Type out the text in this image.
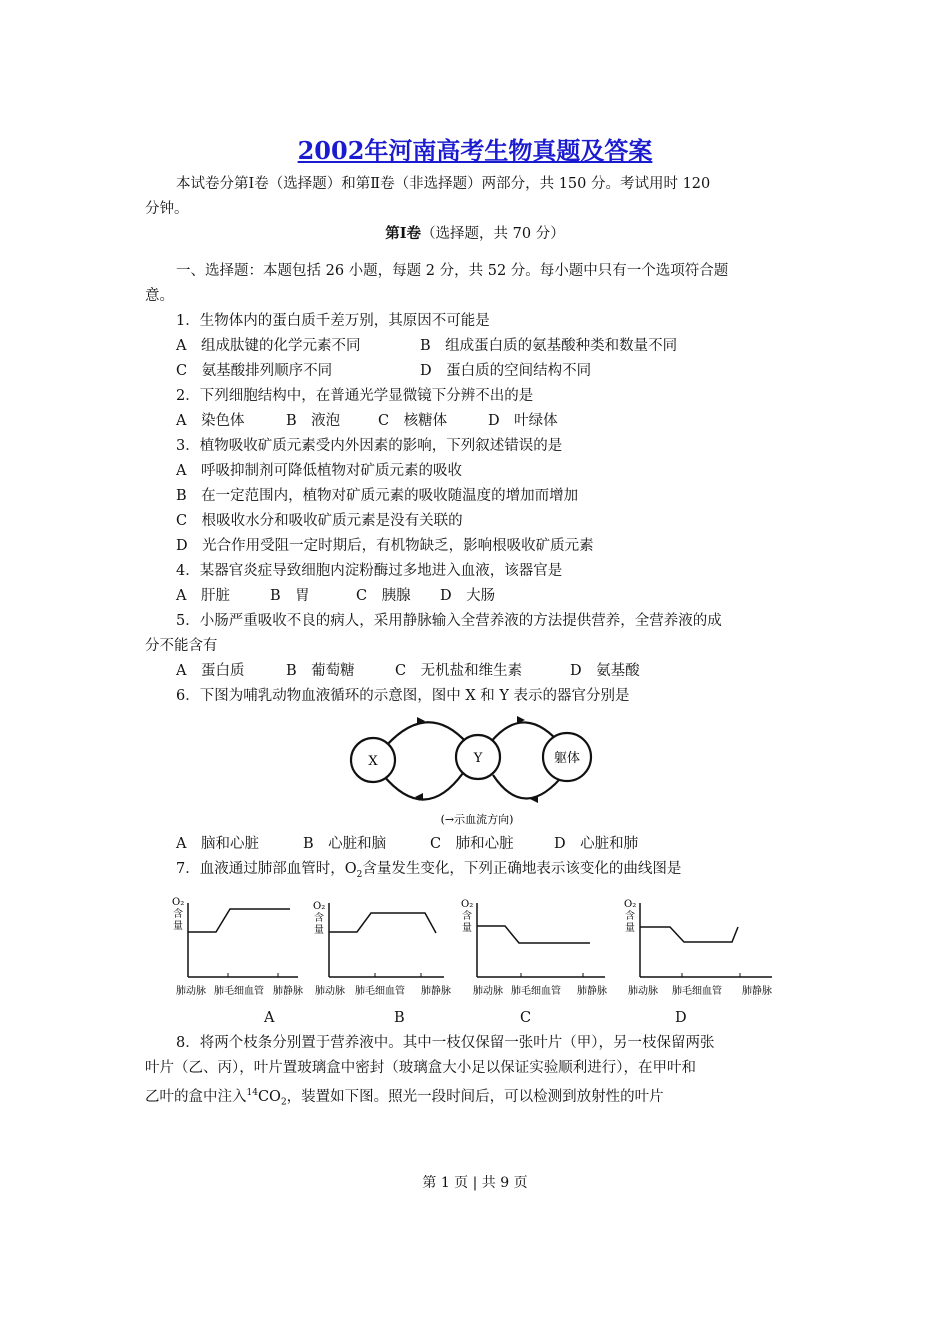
2002年河南高考生物真题及答案
本试卷分第Ⅰ卷（选择题）和第Ⅱ卷（非选择题）两部分，共 150 分。考试用时 120
分钟。
第Ⅰ卷（选择题，共 70 分）
一、选择题：本题包括 26 小题，每题 2 分，共 52 分。每小题中只有一个选项符合题
意。
1．生物体内的蛋白质千差万别，其原因不可能是
A　组成肽键的化学元素不同	B　组成蛋白质的氨基酸种类和数量不同
C　氨基酸排列顺序不同	D　蛋白质的空间结构不同
2．下列细胞结构中，在普通光学显微镜下分辨不出的是
A　染色体	B　液泡	C　核糖体	D　叶绿体
3．植物吸收矿质元素受内外因素的影响，下列叙述错误的是
A　呼吸抑制剂可降低植物对矿质元素的吸收
B　在一定范围内，植物对矿质元素的吸收随温度的增加而增加
C　根吸收水分和吸收矿质元素是没有关联的
D　光合作用受阻一定时期后，有机物缺乏，影响根吸收矿质元素
4．某器官炎症导致细胞内淀粉酶过多地进入血液，该器官是
A　肝脏	B　胃	C　胰腺 D　大肠
5．小肠严重吸收不良的病人，采用静脉输入全营养液的方法提供营养，全营养液的成
分不能含有
A　蛋白质	B　葡萄糖	C　无机盐和维生素	D　氨基酸
6．下图为哺乳动物血液循环的示意图，图中 X 和 Y 表示的器官分别是
X	Y	躯体
(→示血流方向)
A　脑和心脏	B　心脏和脑	C　肺和心脏	D　心脏和肺
7．血液通过肺部血管时，$O_2$含量发生变化，下列正确地表示该变化的曲线图是
O₂
含
量
肺动脉 肺毛细血管 肺静脉
A
O₂
含
量
肺动脉 肺毛细血管 肺静脉
B
O₂
含
量
肺动脉 肺毛细血管 肺静脉
C
O₂
含
量
肺动脉 肺毛细血管 肺静脉
D
8．将两个枝条分别置于营养液中。其中一枝仅保留一张叶片（甲），另一枝保留两张
叶片（乙、丙），叶片置玻璃盒中密封（玻璃盒大小足以保证实验顺利进行），在甲叶和
乙叶的盒中注入$^{14}CO_2$，装置如下图。照光一段时间后，可以检测到放射性的叶片
第 1 页 | 共 9 页
